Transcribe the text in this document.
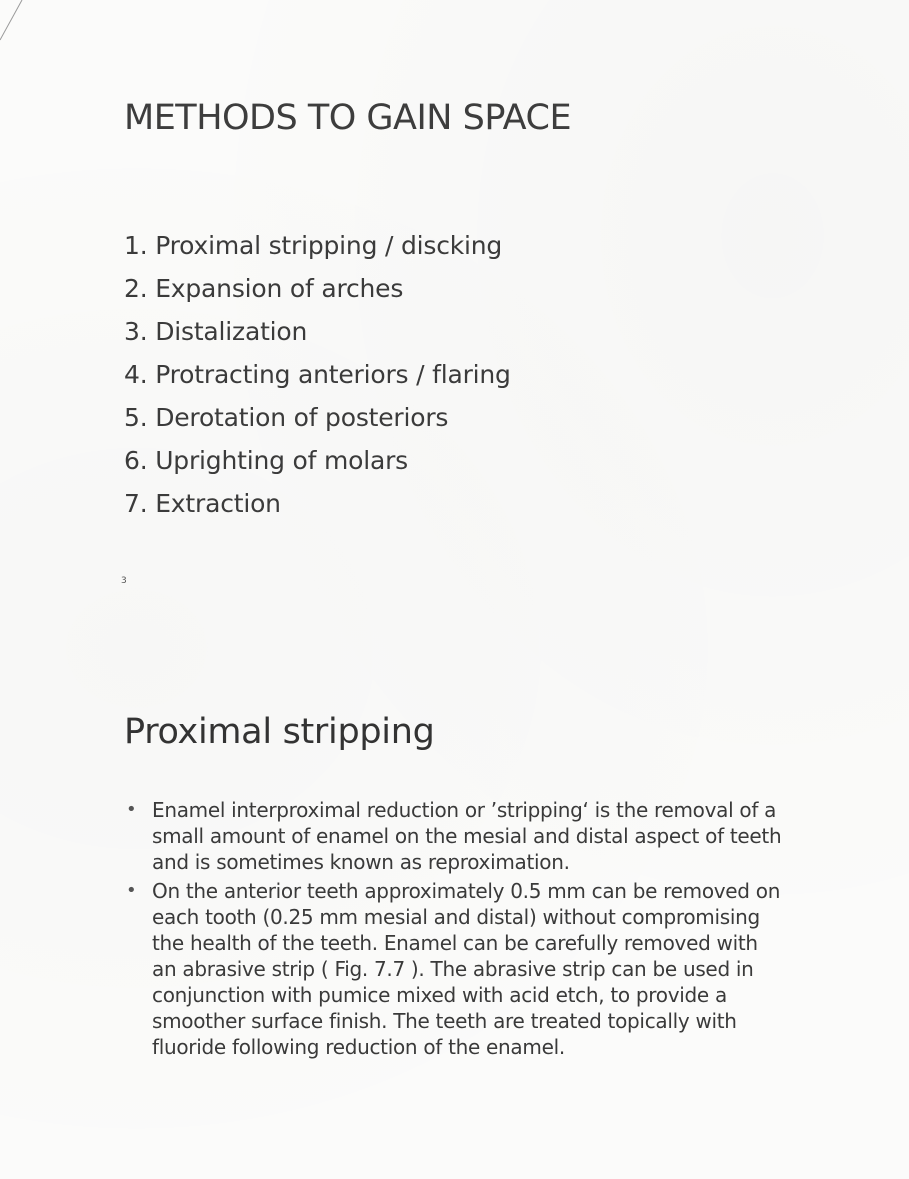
METHODS TO GAIN SPACE
1. Proximal stripping / discking
2. Expansion of arches
3. Distalization
4. Protracting anteriors / flaring
5. Derotation of posteriors
6. Uprighting of molars
7. Extraction
3
Proximal stripping
• Enamel interproximal reduction or ’stripping‘ is the removal of a small amount of enamel on the mesial and distal aspect of teeth and is sometimes known as reproximation.
• On the anterior teeth approximately 0.5 mm can be removed on each tooth (0.25 mm mesial and distal) without compromising the health of the teeth. Enamel can be carefully removed with an abrasive strip ( Fig. 7.7 ). The abrasive strip can be used in conjunction with pumice mixed with acid etch, to provide a smoother surface finish. The teeth are treated topically with fluoride following reduction of the enamel.
